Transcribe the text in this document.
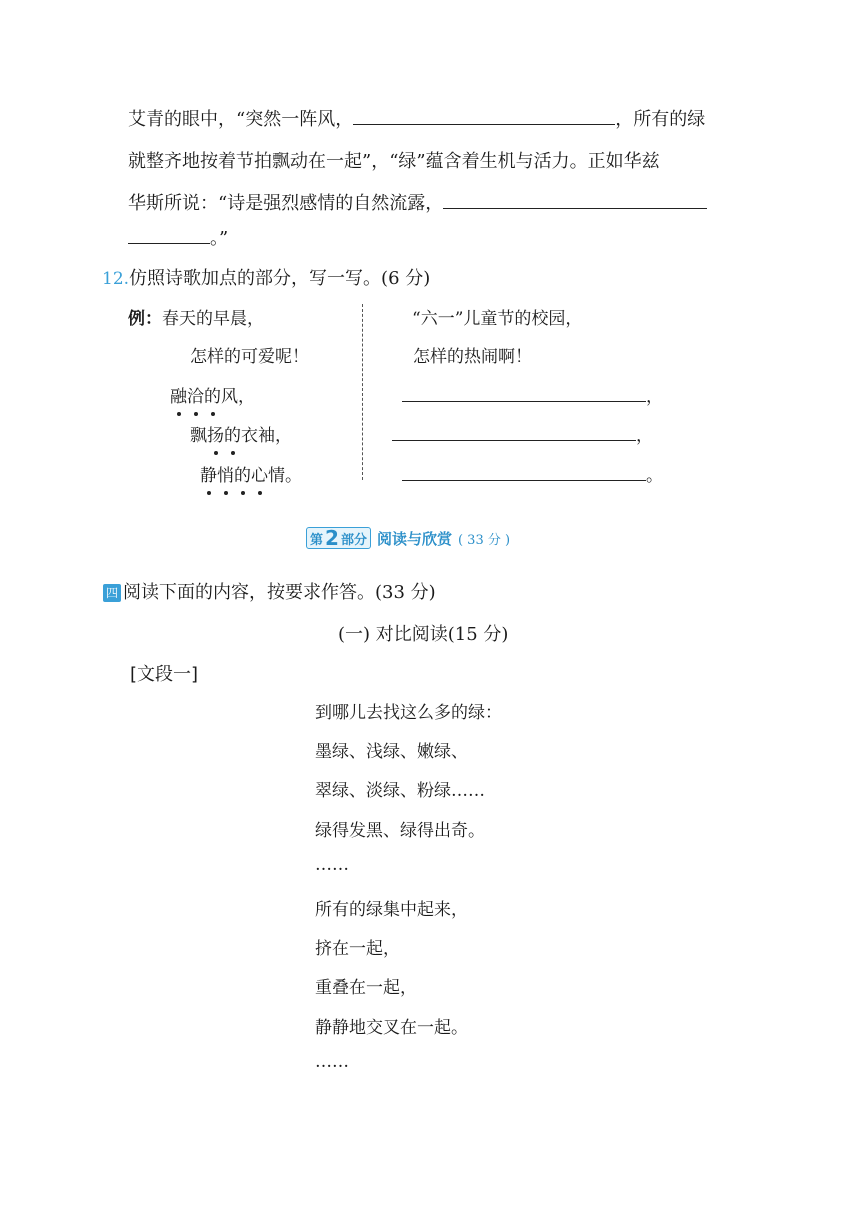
艾青的眼中，“突然一阵风，	，所有的绿
就整齐地按着节拍飘动在一起”，“绿”蕴含着生机与活力。正如华兹
华斯所说：“诗是强烈感情的自然流露，
。”
12.仿照诗歌加点的部分，写一写。(6 分)
例：春天的早晨，
怎样的可爱呢！
融洽的风，
飘扬的衣袖，
静悄的心情。
“六一”儿童节的校园，
怎样的热闹啊！
，
，
。
第 2 部分 阅读与欣赏 ( 33 分 )
四 阅读下面的内容，按要求作答。(33 分)
(一) 对比阅读(15 分)
[文段一]
到哪儿去找这么多的绿：
墨绿、浅绿、嫩绿、
翠绿、淡绿、粉绿……
绿得发黑、绿得出奇。
……
所有的绿集中起来，
挤在一起，
重叠在一起，
静静地交叉在一起。
……
